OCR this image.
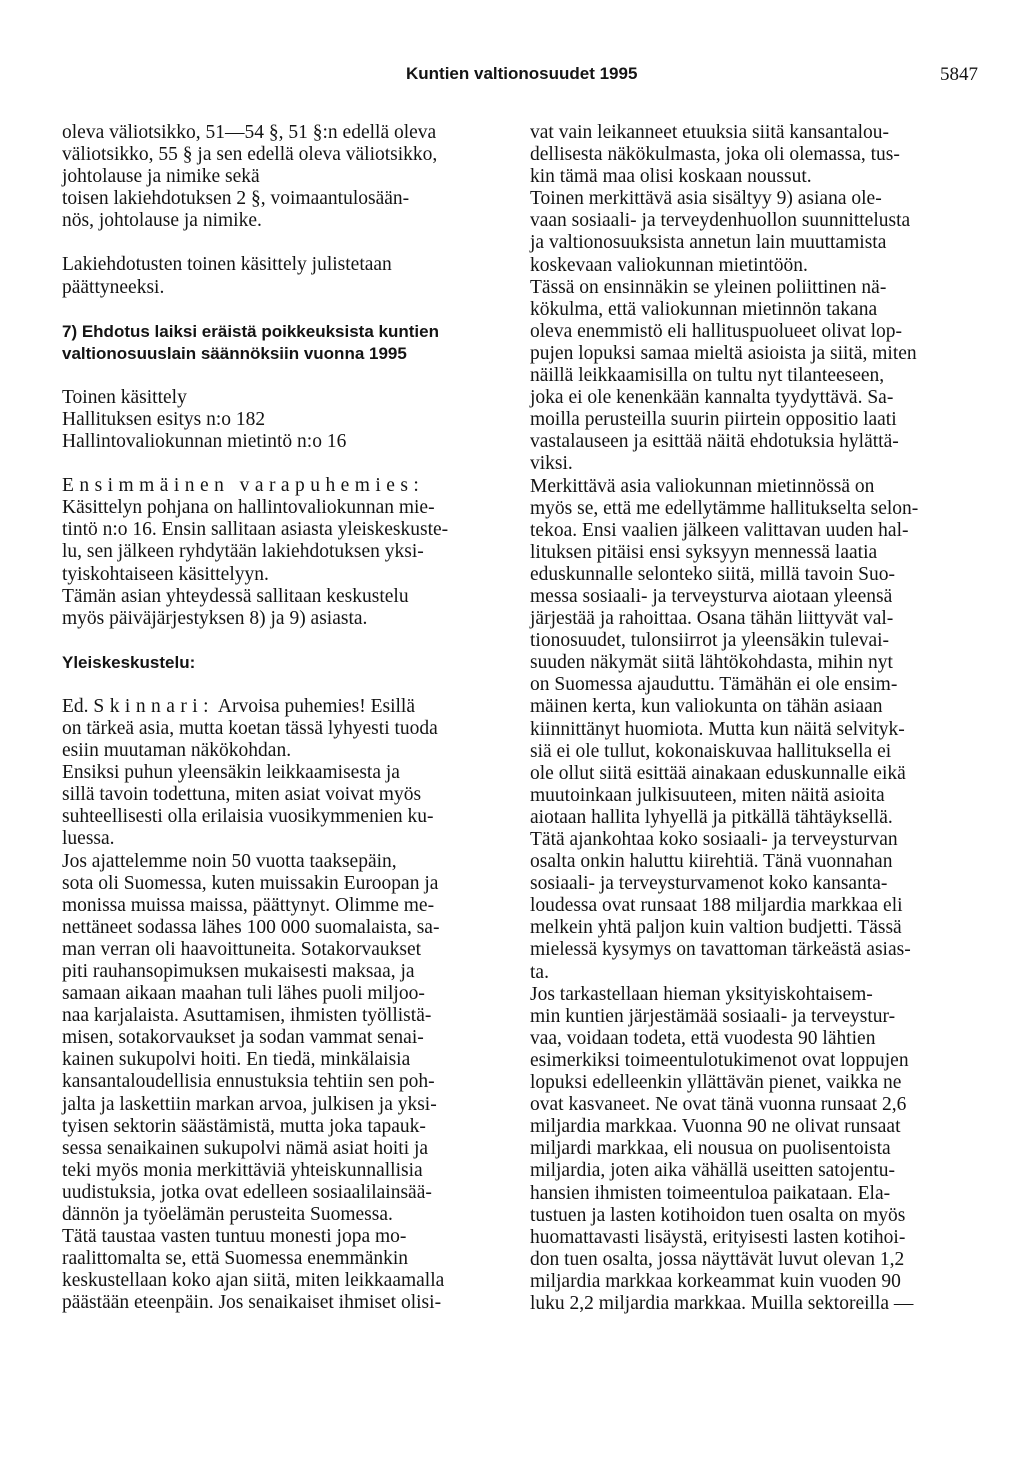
Kuntien valtionosuudet 1995	5847
oleva väliotsikko, 51—54 §, 51 §:n edellä oleva
väliotsikko, 55 § ja sen edellä oleva väliotsikko,
johtolause ja nimike sekä
toisen lakiehdotuksen 2 §, voimaantulosään-
nös, johtolause ja nimike.
Lakiehdotusten toinen käsittely julistetaan
päättyneeksi.
7) Ehdotus laiksi eräistä poikkeuksista kuntien
valtionosuuslain säännöksiin vuonna 1995
Toinen käsittely
Hallituksen esitys n:o 182
Hallintovaliokunnan mietintö n:o 16
Ensimmäinen varapuhemies:
Käsittelyn pohjana on hallintovaliokunnan mie-
tintö n:o 16. Ensin sallitaan asiasta yleiskeskuste-
lu, sen jälkeen ryhdytään lakiehdotuksen yksi-
tyiskohtaiseen käsittelyyn.
Tämän asian yhteydessä sallitaan keskustelu
myös päiväjärjestyksen 8) ja 9) asiasta.
Yleiskeskustelu:
Ed. Skinnari: Arvoisa puhemies! Esillä
on tärkeä asia, mutta koetan tässä lyhyesti tuoda
esiin muutaman näkökohdan.
Ensiksi puhun yleensäkin leikkaamisesta ja
sillä tavoin todettuna, miten asiat voivat myös
suhteellisesti olla erilaisia vuosikymmenien ku-
luessa.
Jos ajattelemme noin 50 vuotta taaksepäin,
sota oli Suomessa, kuten muissakin Euroopan ja
monissa muissa maissa, päättynyt. Olimme me-
nettäneet sodassa lähes 100 000 suomalaista, sa-
man verran oli haavoittuneita. Sotakorvaukset
piti rauhansopimuksen mukaisesti maksaa, ja
samaan aikaan maahan tuli lähes puoli miljoo-
naa karjalaista. Asuttamisen, ihmisten työllistä-
misen, sotakorvaukset ja sodan vammat senai-
kainen sukupolvi hoiti. En tiedä, minkälaisia
kansantaloudellisia ennustuksia tehtiin sen poh-
jalta ja laskettiin markan arvoa, julkisen ja yksi-
tyisen sektorin säästämistä, mutta joka tapauk-
sessa senaikainen sukupolvi nämä asiat hoiti ja
teki myös monia merkittäviä yhteiskunnallisia
uudistuksia, jotka ovat edelleen sosiaalilainsää-
dännön ja työelämän perusteita Suomessa.
Tätä taustaa vasten tuntuu monesti jopa mo-
raalittomalta se, että Suomessa enemmänkin
keskustellaan koko ajan siitä, miten leikkaamalla
päästään eteenpäin. Jos senaikaiset ihmiset olisi-
vat vain leikanneet etuuksia siitä kansantalou-
dellisesta näkökulmasta, joka oli olemassa, tus-
kin tämä maa olisi koskaan noussut.
Toinen merkittävä asia sisältyy 9) asiana ole-
vaan sosiaali- ja terveydenhuollon suunnittelusta
ja valtionosuuksista annetun lain muuttamista
koskevaan valiokunnan mietintöön.
Tässä on ensinnäkin se yleinen poliittinen nä-
kökulma, että valiokunnan mietinnön takana
oleva enemmistö eli hallituspuolueet olivat lop-
pujen lopuksi samaa mieltä asioista ja siitä, miten
näillä leikkaamisilla on tultu nyt tilanteeseen,
joka ei ole kenenkään kannalta tyydyttävä. Sa-
moilla perusteilla suurin piirtein oppositio laati
vastalauseen ja esittää näitä ehdotuksia hylättä-
viksi.
Merkittävä asia valiokunnan mietinnössä on
myös se, että me edellytämme hallitukselta selon-
tekoa. Ensi vaalien jälkeen valittavan uuden hal-
lituksen pitäisi ensi syksyyn mennessä laatia
eduskunnalle selonteko siitä, millä tavoin Suo-
messa sosiaali- ja terveysturva aiotaan yleensä
järjestää ja rahoittaa. Osana tähän liittyvät val-
tionosuudet, tulonsiirrot ja yleensäkin tulevai-
suuden näkymät siitä lähtökohdasta, mihin nyt
on Suomessa ajauduttu. Tämähän ei ole ensim-
mäinen kerta, kun valiokunta on tähän asiaan
kiinnittänyt huomiota. Mutta kun näitä selvityk-
siä ei ole tullut, kokonaiskuvaa hallituksella ei
ole ollut siitä esittää ainakaan eduskunnalle eikä
muutoinkaan julkisuuteen, miten näitä asioita
aiotaan hallita lyhyellä ja pitkällä tähtäyksellä.
Tätä ajankohtaa koko sosiaali- ja terveysturvan
osalta onkin haluttu kiirehtiä. Tänä vuonnahan
sosiaali- ja terveysturvamenot koko kansanta-
loudessa ovat runsaat 188 miljardia markkaa eli
melkein yhtä paljon kuin valtion budjetti. Tässä
mielessä kysymys on tavattoman tärkeästä asias-
ta.
Jos tarkastellaan hieman yksityiskohtaisem-
min kuntien järjestämää sosiaali- ja terveystur-
vaa, voidaan todeta, että vuodesta 90 lähtien
esimerkiksi toimeentulotukimenot ovat loppujen
lopuksi edelleenkin yllättävän pienet, vaikka ne
ovat kasvaneet. Ne ovat tänä vuonna runsaat 2,6
miljardia markkaa. Vuonna 90 ne olivat runsaat
miljardi markkaa, eli nousua on puolisentoista
miljardia, joten aika vähällä useitten satojentu-
hansien ihmisten toimeentuloa paikataan. Ela-
tustuen ja lasten kotihoidon tuen osalta on myös
huomattavasti lisäystä, erityisesti lasten kotihoi-
don tuen osalta, jossa näyttävät luvut olevan 1,2
miljardia markkaa korkeammat kuin vuoden 90
luku 2,2 miljardia markkaa. Muilla sektoreilla —
